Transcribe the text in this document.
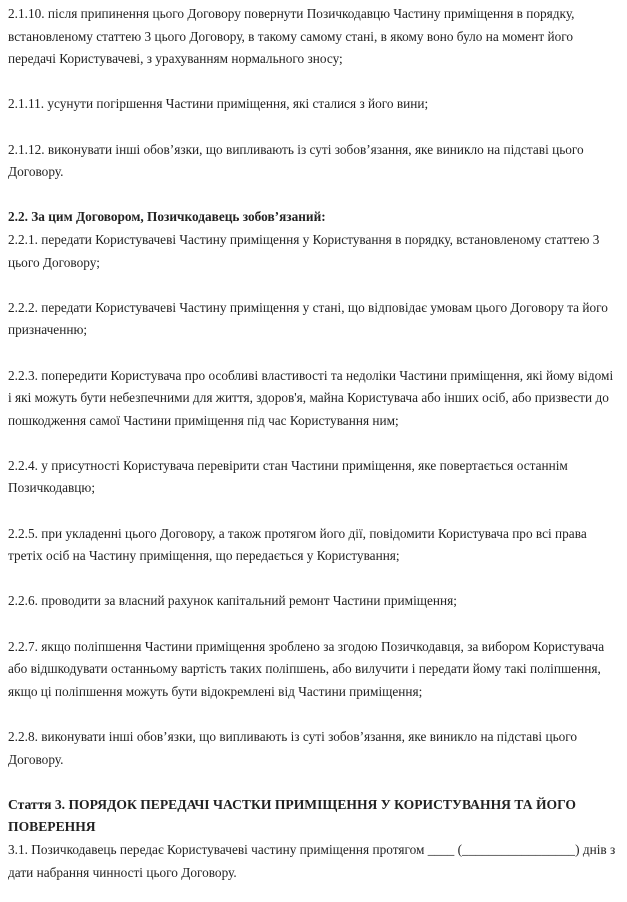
2.1.10. після припинення цього Договору повернути Позичкодавцю Частину приміщення в порядку, встановленому статтею 3 цього Договору, в такому самому стані, в якому воно було на момент його передачі Користувачеві, з урахуванням нормального зносу;

2.1.11. усунути погіршення Частини приміщення, які сталися з його вини;

2.1.12. виконувати інші обов’язки, що випливають із суті зобов’язання, яке виникло на підставі цього Договору.

2.2. За цим Договором, Позичкодавець зобов’язаний:

2.2.1. передати Користувачеві Частину приміщення у Користування в порядку, встановленому статтею 3 цього Договору;

2.2.2. передати Користувачеві Частину приміщення у стані, що відповідає умовам цього Договору та його призначенню;

2.2.3. попередити Користувача про особливі властивості та недоліки Частини приміщення, які йому відомі і які можуть бути небезпечними для життя, здоров'я, майна Користувача або інших осіб, або призвести до пошкодження самої Частини приміщення під час Користування ним;

2.2.4. у присутності Користувача перевірити стан Частини приміщення, яке повертається останнім Позичкодавцю;

2.2.5. при укладенні цього Договору, а також протягом його дії, повідомити Користувача про всі права третіх осіб на Частину приміщення, що передається у Користування;

2.2.6. проводити за власний рахунок капітальний ремонт Частини приміщення;

2.2.7. якщо поліпшення Частини приміщення зроблено за згодою Позичкодавця, за вибором Користувача або відшкодувати останньому вартість таких поліпшень, або вилучити і передати йому такі поліпшення, якщо ці поліпшення можуть бути відокремлені від Частини приміщення;

2.2.8. виконувати інші обов’язки, що випливають із суті зобов’язання, яке виникло на підставі цього Договору.

Стаття 3. ПОРЯДОК ПЕРЕДАЧІ ЧАСТКИ ПРИМІЩЕННЯ У КОРИСТУВАННЯ ТА ЙОГО ПОВЕРЕННЯ

3.1. Позичкодавець передає Користувачеві частину приміщення протягом ____ (_________________) днів з дати набрання чинності цього Договору.
